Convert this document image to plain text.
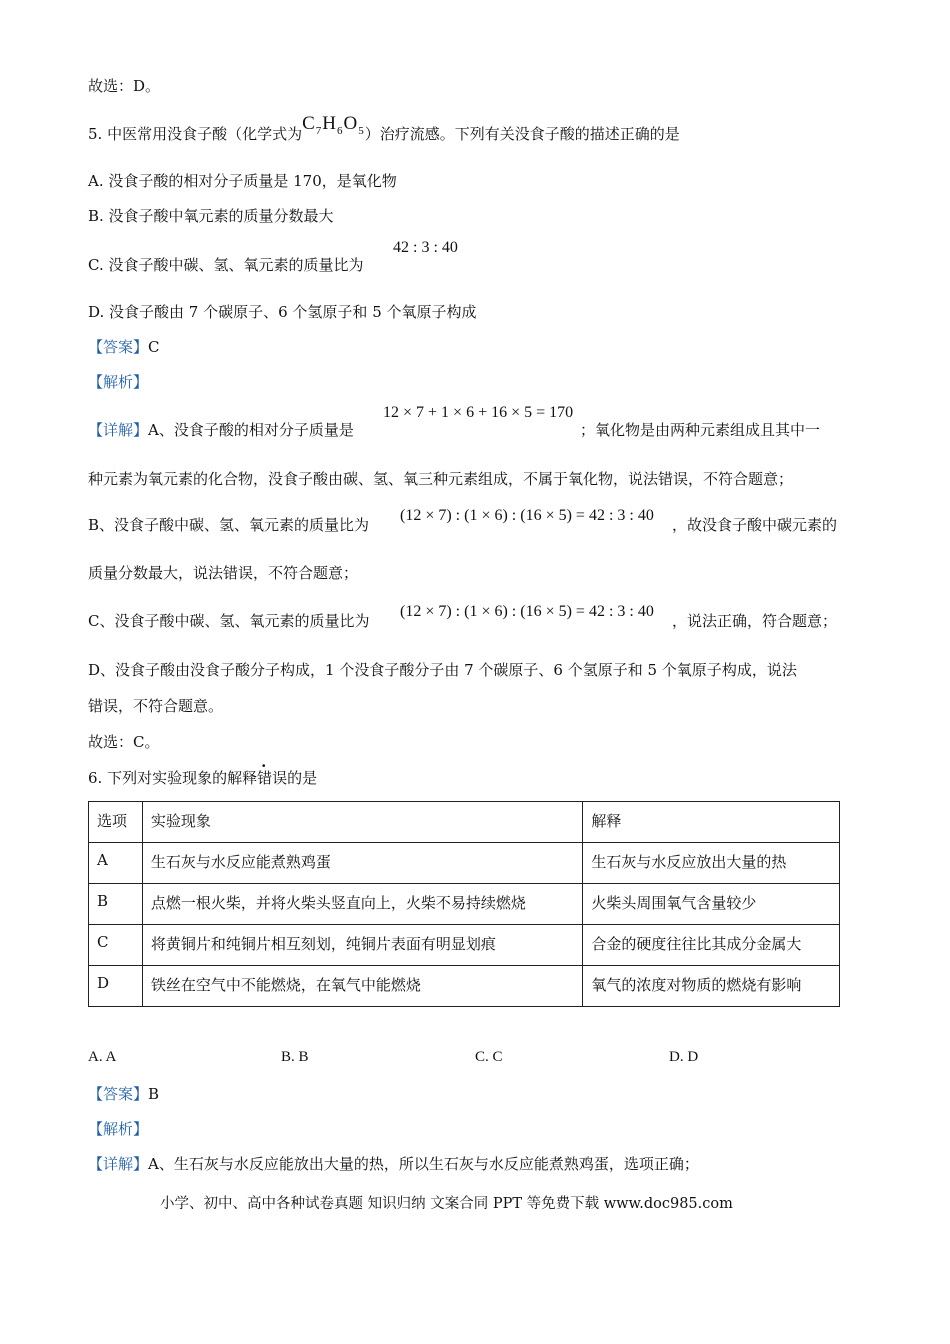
故选：D。
5. 中医常用没食子酸（化学式为$C_7H_6O_5$）治疗流感。下列有关没食子酸的描述正确的是
A. 没食子酸的相对分子质量是 170，是氧化物
B. 没食子酸中氧元素的质量分数最大
C. 没食子酸中碳、氢、氧元素的质量比为
42 : 3 : 40
D. 没食子酸由 7 个碳原子、6 个氢原子和 5 个氧原子构成
【答案】C
【解析】
【详解】A、没食子酸的相对分子质量是
12 × 7 + 1 × 6 + 16 × 5 = 170
；氧化物是由两种元素组成且其中一
种元素为氧元素的化合物，没食子酸由碳、氢、氧三种元素组成，不属于氧化物，说法错误，不符合题意；
B、没食子酸中碳、氢、氧元素的质量比为
(12 × 7) : (1 × 6) : (16 × 5) = 42 : 3 : 40
，故没食子酸中碳元素的
质量分数最大，说法错误，不符合题意；
C、没食子酸中碳、氢、氧元素的质量比为
(12 × 7) : (1 × 6) : (16 × 5) = 42 : 3 : 40
，说法正确，符合题意；
D、没食子酸由没食子酸分子构成，1 个没食子酸分子由 7 个碳原子、6 个氢原子和 5 个氧原子构成，说法
错误，不符合题意。
故选：C。
6. 下列对实验现象的解释错误的是
选项	实验现象	解释
A	生石灰与水反应能煮熟鸡蛋	生石灰与水反应放出大量的热
B	点燃一根火柴，并将火柴头竖直向上，火柴不易持续燃烧	火柴头周围氧气含量较少
C	将黄铜片和纯铜片相互刻划，纯铜片表面有明显划痕	合金的硬度往往比其成分金属大
D	铁丝在空气中不能燃烧，在氧气中能燃烧	氧气的浓度对物质的燃烧有影响
A. A	B. B	C. C	D. D
【答案】B
【解析】
【详解】A、生石灰与水反应能放出大量的热，所以生石灰与水反应能煮熟鸡蛋，选项正确；
小学、初中、高中各种试卷真题 知识归纳 文案合同 PPT 等免费下载 www.doc985.com
